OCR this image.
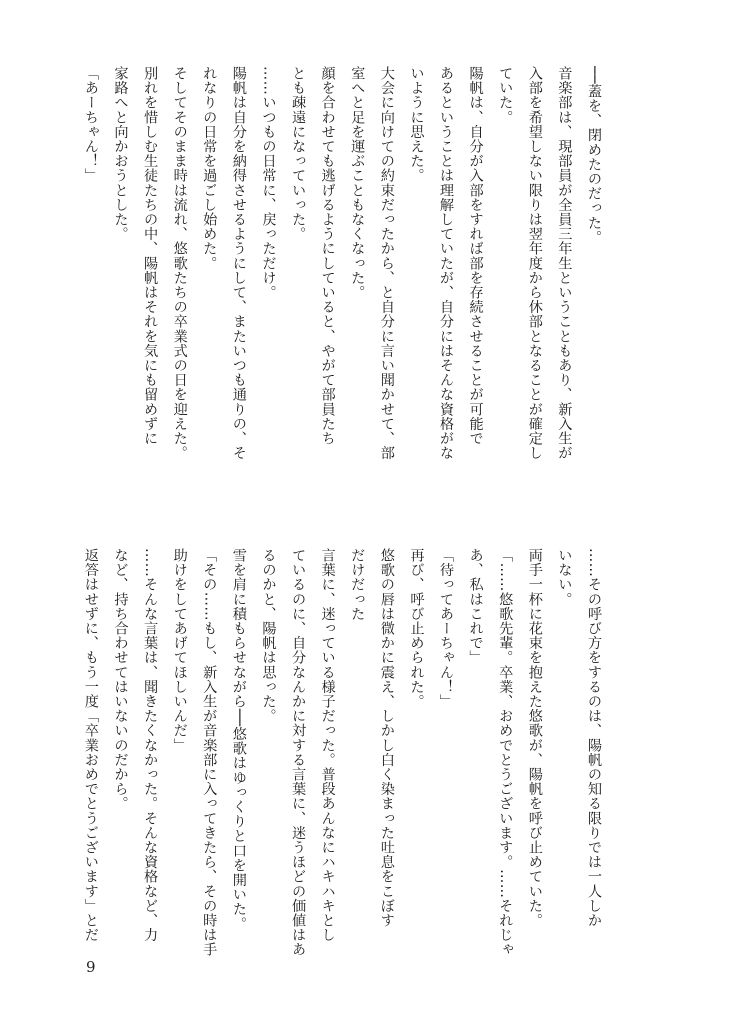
──蓋を、閉めたのだった。
音楽部は、現部員が全員三年生ということもあり、新入生が
入部を希望しない限りは翌年度から休部となることが確定し
ていた。
陽帆は、自分が入部をすれば部を存続させることが可能で
あるということは理解していたが、自分にはそんな資格がな
いように思えた。
大会に向けての約束だったから、と自分に言い聞かせて、部
室へと足を運ぶこともなくなった。
顔を合わせても逃げるようにしていると、やがて部員たち
とも疎遠になっていった。
……いつもの日常に、戻っただけ。
陽帆は自分を納得させるようにして、またいつも通りの、そ
れなりの日常を過ごし始めた。
そしてそのまま時は流れ、悠歌たちの卒業式の日を迎えた。
別れを惜しむ生徒たちの中、陽帆はそれを気にも留めずに
家路へと向かおうとした。
「あーちゃん！」
……その呼び方をするのは、陽帆の知る限りでは一人しか
いない。
両手一杯に花束を抱えた悠歌が、陽帆を呼び止めていた。
「……悠歌先輩。卒業、おめでとうございます。……それじゃ
あ、私はこれで」
「待ってあーちゃん！」
再び、呼び止められた。
悠歌の唇は微かに震え、しかし白く染まった吐息をこぼす
だけだった
言葉に、迷っている様子だった。普段あんなにハキハキとし
ているのに、自分なんかに対する言葉に、迷うほどの価値はあ
るのかと、陽帆は思った。
雪を肩に積もらせながら──悠歌はゆっくりと口を開いた。
「その……もし、新入生が音楽部に入ってきたら、その時は手
助けをしてあげてほしいんだ」
……そんな言葉は、聞きたくなかった。そんな資格など、力
など、持ち合わせてはいないのだから。
返答はせずに、もう一度「卒業おめでとうございます」とだ
9
